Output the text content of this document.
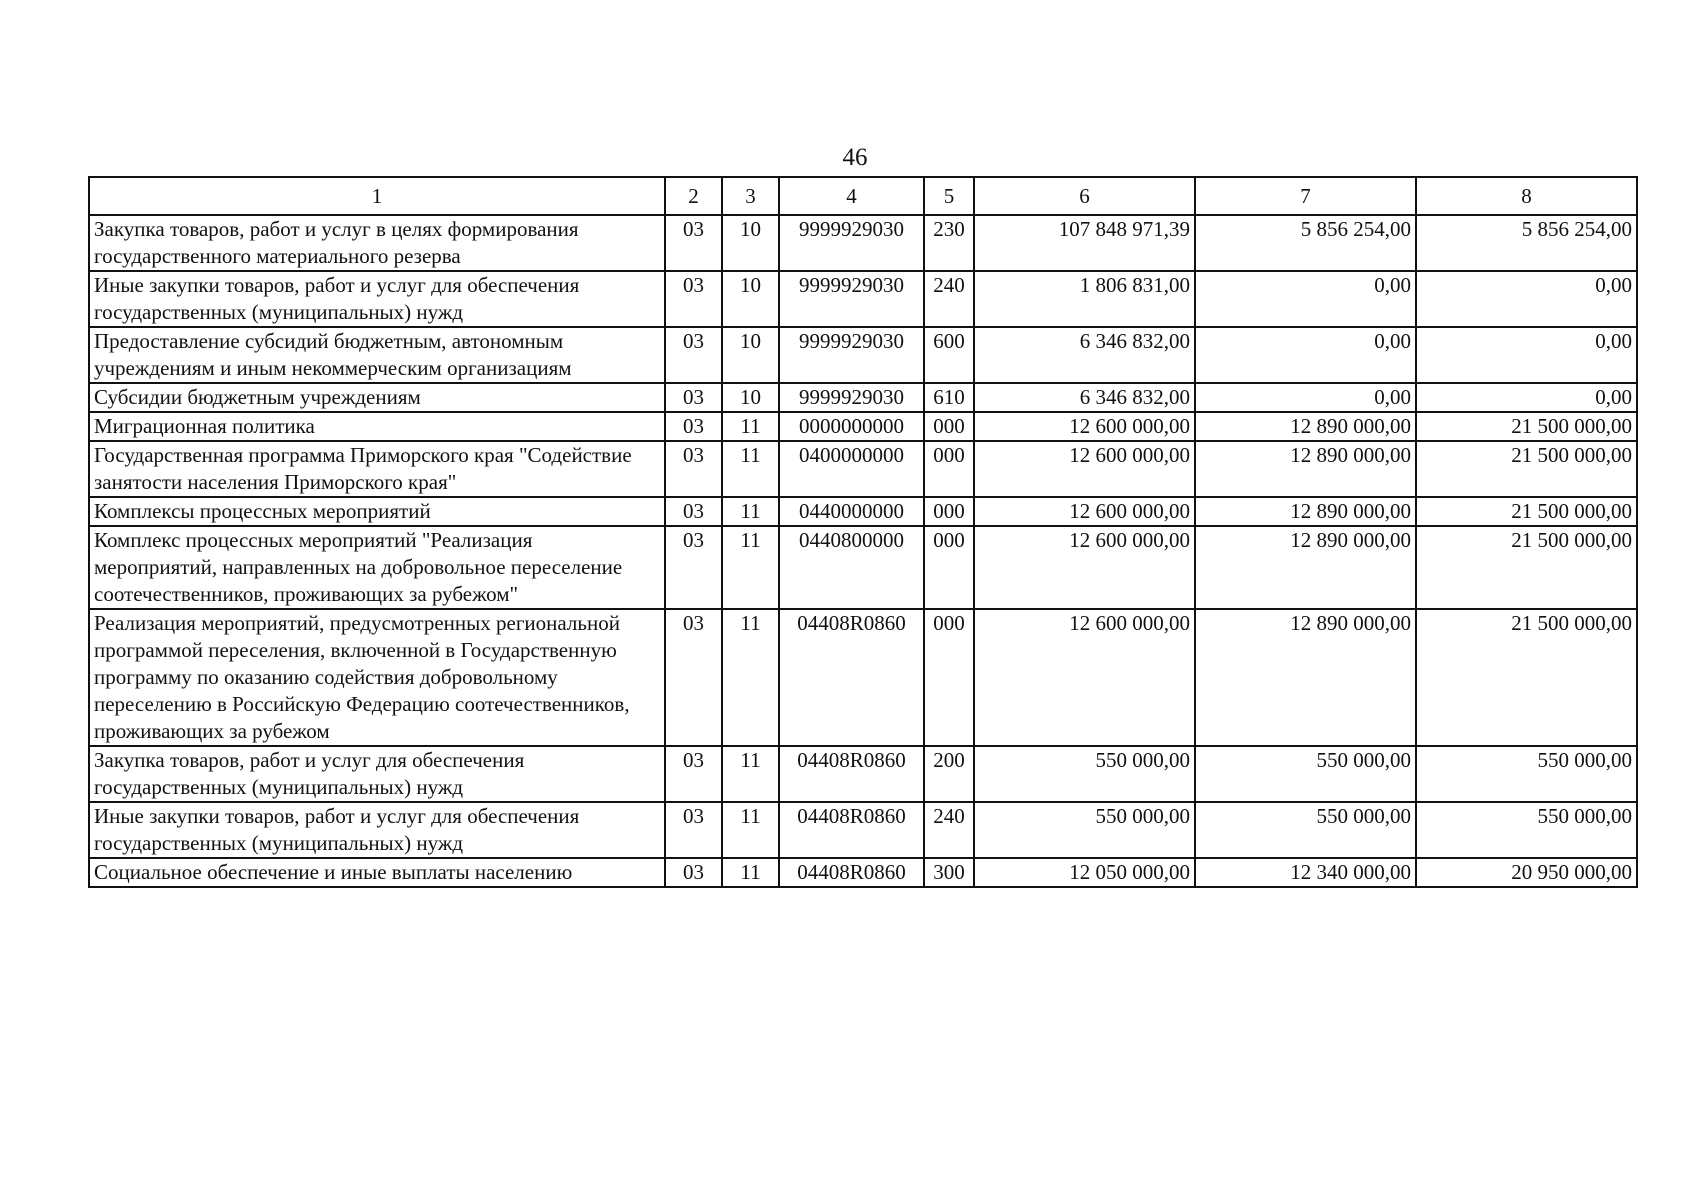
46
1	2	3	4	5	6	7	8
Закупка товаров, работ и услуг в целях формирования государственного материального резерва	03	10	9999929030	230	107 848 971,39	5 856 254,00	5 856 254,00
Иные закупки товаров, работ и услуг для обеспечения государственных (муниципальных) нужд	03	10	9999929030	240	1 806 831,00	0,00	0,00
Предоставление субсидий бюджетным, автономным учреждениям и иным некоммерческим организациям	03	10	9999929030	600	6 346 832,00	0,00	0,00
Субсидии бюджетным учреждениям	03	10	9999929030	610	6 346 832,00	0,00	0,00
Миграционная политика	03	11	0000000000	000	12 600 000,00	12 890 000,00	21 500 000,00
Государственная программа Приморского края "Содействие занятости населения Приморского края"	03	11	0400000000	000	12 600 000,00	12 890 000,00	21 500 000,00
Комплексы процессных мероприятий	03	11	0440000000	000	12 600 000,00	12 890 000,00	21 500 000,00
Комплекс процессных мероприятий "Реализация мероприятий, направленных на добровольное переселение соотечественников, проживающих за рубежом"	03	11	0440800000	000	12 600 000,00	12 890 000,00	21 500 000,00
Реализация мероприятий, предусмотренных региональной программой переселения, включенной в Государственную программу по оказанию содействия добровольному переселению в Российскую Федерацию соотечественников, проживающих за рубежом	03	11	04408R0860	000	12 600 000,00	12 890 000,00	21 500 000,00
Закупка товаров, работ и услуг для обеспечения государственных (муниципальных) нужд	03	11	04408R0860	200	550 000,00	550 000,00	550 000,00
Иные закупки товаров, работ и услуг для обеспечения государственных (муниципальных) нужд	03	11	04408R0860	240	550 000,00	550 000,00	550 000,00
Социальное обеспечение и иные выплаты населению	03	11	04408R0860	300	12 050 000,00	12 340 000,00	20 950 000,00
